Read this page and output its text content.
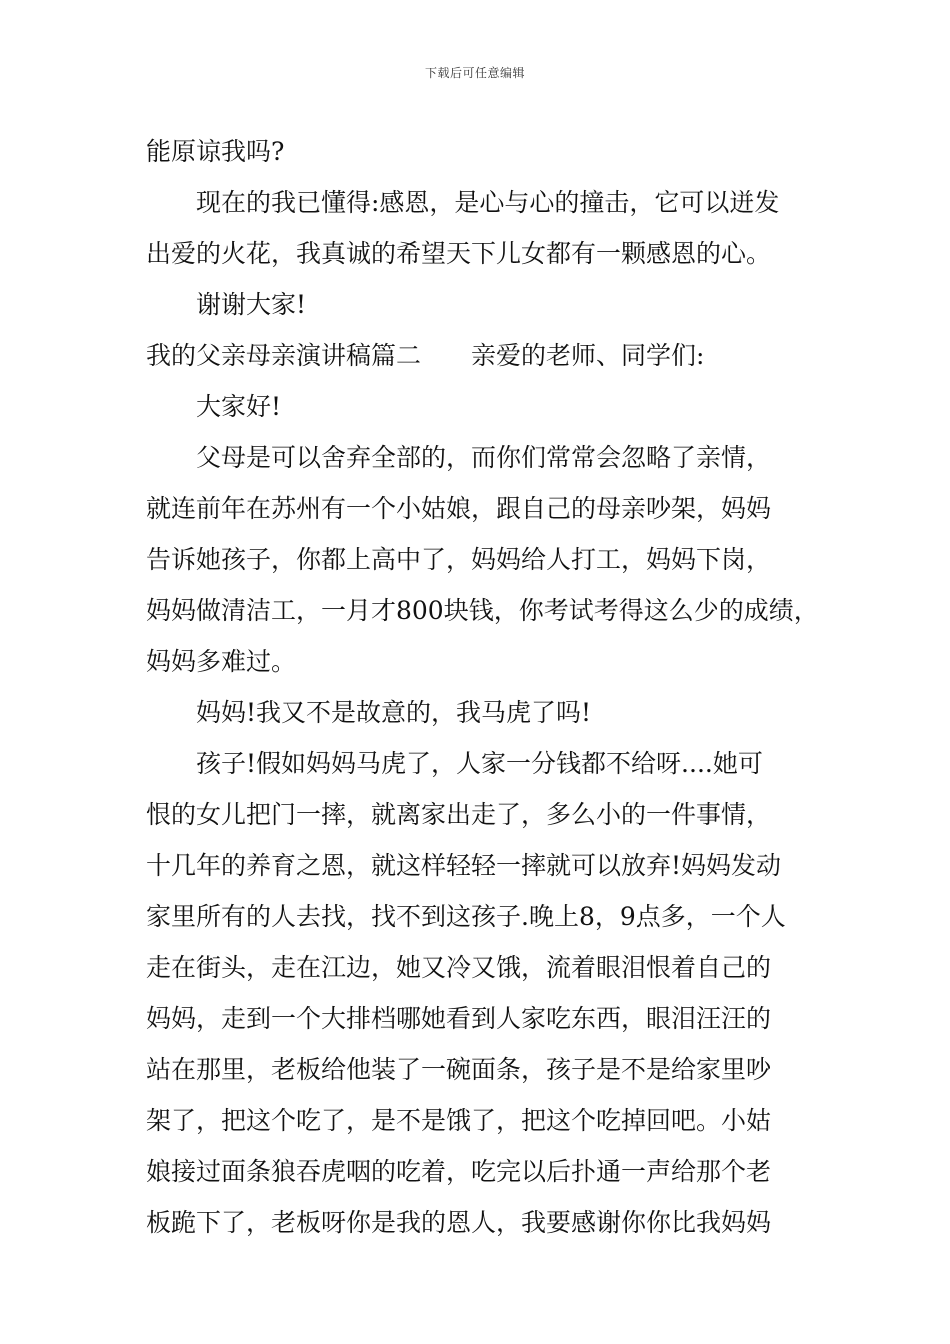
下载后可任意编辑

能原谅我吗?

现在的我已懂得:感恩，是心与心的撞击，它可以迸发

出爱的火花，我真诚的希望天下儿女都有一颗感恩的心。

谢谢大家!

我的父亲母亲演讲稿篇二 亲爱的老师、同学们:

大家好!

父母是可以舍弃全部的，而你们常常会忽略了亲情，

就连前年在苏州有一个小姑娘，跟自己的母亲吵架，妈妈

告诉她孩子，你都上高中了，妈妈给人打工，妈妈下岗，

妈妈做清洁工，一月才800块钱，你考试考得这么少的成绩，

妈妈多难过。

妈妈!我又不是故意的，我马虎了吗!

孩子!假如妈妈马虎了，人家一分钱都不给呀....她可

恨的女儿把门一摔，就离家出走了，多么小的一件事情，

十几年的养育之恩，就这样轻轻一摔就可以放弃!妈妈发动

家里所有的人去找，找不到这孩子.晚上8，9点多，一个人

走在街头，走在江边，她又冷又饿，流着眼泪恨着自己的

妈妈，走到一个大排档哪她看到人家吃东西，眼泪汪汪的

站在那里，老板给他装了一碗面条，孩子是不是给家里吵

架了，把这个吃了，是不是饿了，把这个吃掉回吧。小姑

娘接过面条狼吞虎咽的吃着，吃完以后扑通一声给那个老

板跪下了，老板呀你是我的恩人，我要感谢你你比我妈妈
